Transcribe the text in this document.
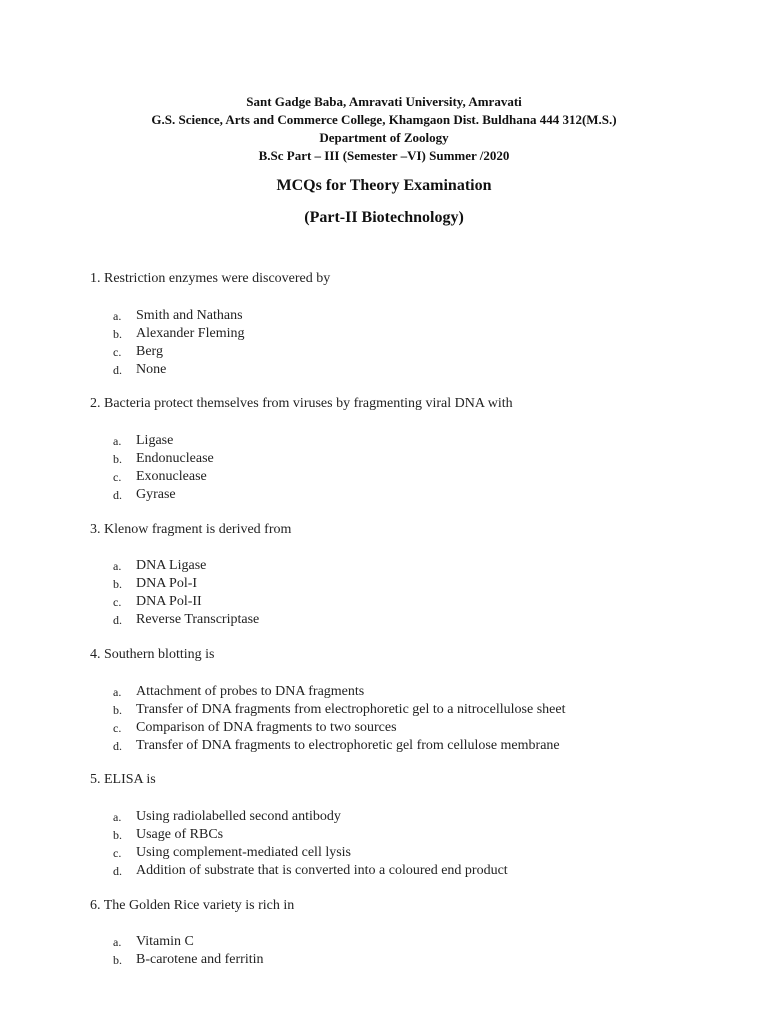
Sant Gadge Baba, Amravati University, Amravati
G.S. Science, Arts and Commerce College, Khamgaon Dist. Buldhana 444 312(M.S.)
Department of Zoology
B.Sc Part – III (Semester –VI) Summer /2020
MCQs for Theory Examination
(Part-II Biotechnology)
1. Restriction enzymes were discovered by
a.	Smith and Nathans
b.	Alexander Fleming
c.	Berg
d.	None
2. Bacteria protect themselves from viruses by fragmenting viral DNA with
a.	Ligase
b.	Endonuclease
c.	Exonuclease
d.	Gyrase
3. Klenow fragment is derived from
a.	DNA Ligase
b.	DNA Pol-I
c.	DNA Pol-II
d.	Reverse Transcriptase
4. Southern blotting is
a.	Attachment of probes to DNA fragments
b.	Transfer of DNA fragments from electrophoretic gel to a nitrocellulose sheet
c.	Comparison of DNA fragments to two sources
d.	Transfer of DNA fragments to electrophoretic gel from cellulose membrane
5. ELISA is
a.	Using radiolabelled second antibody
b.	Usage of RBCs
c.	Using complement-mediated cell lysis
d.	Addition of substrate that is converted into a coloured end product
6. The Golden Rice variety is rich in
a.	Vitamin C
b.	B-carotene and ferritin
